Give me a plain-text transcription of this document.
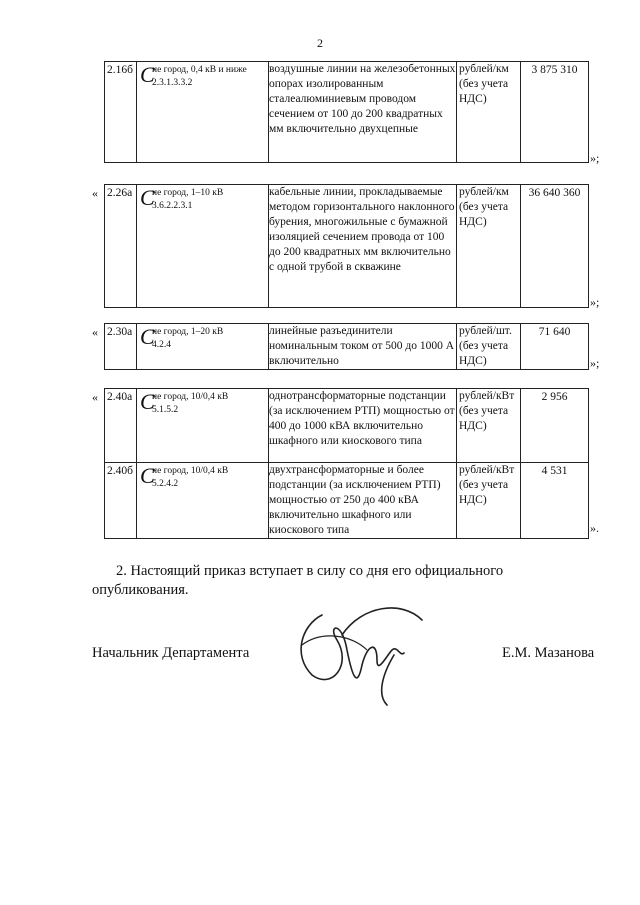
2
2.16б	С
не город, 0,4 кВ и ниже
2.3.1.3.3.2
	воздушные линии на железобетонных опорах изолированным сталеалюминиевым проводом сечением от 100 до 200 квадратных мм включительно двухцепные	рублей/км (без учета НДС)	3 875 310
»;
« 2.26а	С
не город, 1–10 кВ
3.6.2.2.3.1
	кабельные линии, прокладываемые методом горизонтального наклонного бурения, многожильные с бумажной изоляцией сечением провода от 100 до 200 квадратных мм включительно с одной трубой в скважине	рублей/км (без учета НДС)	36 640 360
»;
« 2.30а	С
не город, 1–20 кВ
4.2.4
	линейные разъединители номинальным током от 500 до 1000 А включительно	рублей/шт. (без учета НДС)	71 640
»;
« 2.40а	С
не город, 10/0,4 кВ
5.1.5.2	однотрансформаторные подстанции (за исключением РТП) мощностью от 400 до 1000 кВА включительно шкафного или киоскового типа	рублей/кВт (без учета НДС)	2 956
2.40б	С
не город, 10/0,4 кВ
5.2.4.2	двухтрансформаторные и более подстанции (за исключением РТП) мощностью от 250 до 400 кВА включительно шкафного или киоскового типа	рублей/кВт (без учета НДС)	4 531
».
2. Настоящий приказ вступает в силу со дня его официального
опубликования.
Начальник Департамента	Е.М. Мазанова
